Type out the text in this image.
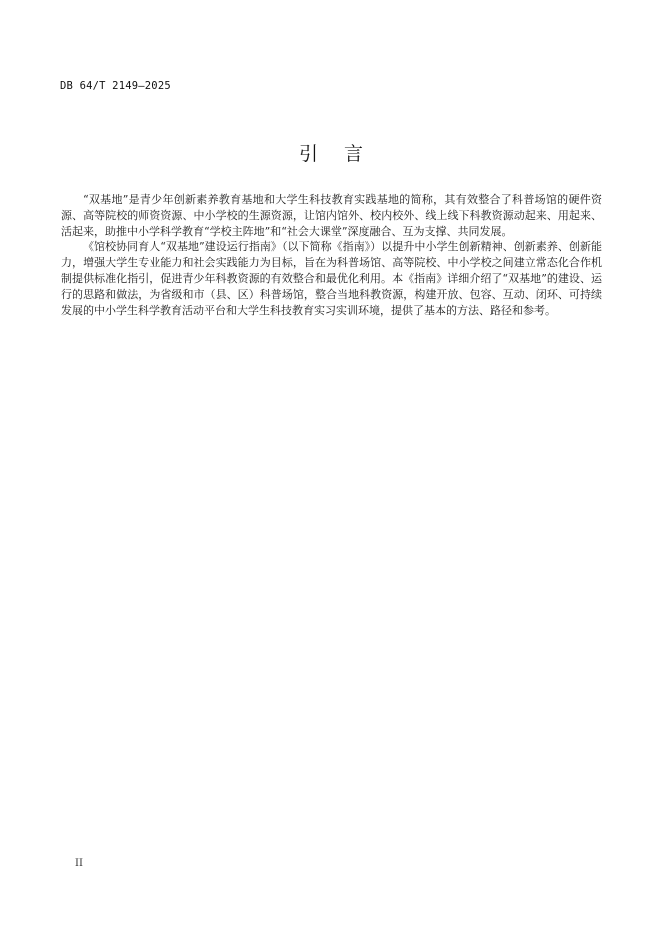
DB 64/T 2149—2025
引言

“双基地”是青少年创新素养教育基地和大学生科技教育实践基地的简称，其有效整合了科普场馆的硬件资源、高等院校的师资资源、中小学校的生源资源，让馆内馆外、校内校外、线上线下科教资源动起来、用起来、活起来，助推中小学科学教育“学校主阵地”和“社会大课堂”深度融合、互为支撑、共同发展。

《馆校协同育人“双基地”建设运行指南》（以下简称《指南》）以提升中小学生创新精神、创新素养、创新能力，增强大学生专业能力和社会实践能力为目标，旨在为科普场馆、高等院校、中小学校之间建立常态化合作机制提供标准化指引，促进青少年科教资源的有效整合和最优化利用。本《指南》详细介绍了“双基地”的建设、运行的思路和做法，为省级和市（县、区）科普场馆，整合当地科教资源，构建开放、包容、互动、闭环、可持续发展的中小学生科学教育活动平台和大学生科技教育实习实训环境，提供了基本的方法、路径和参考。

II
